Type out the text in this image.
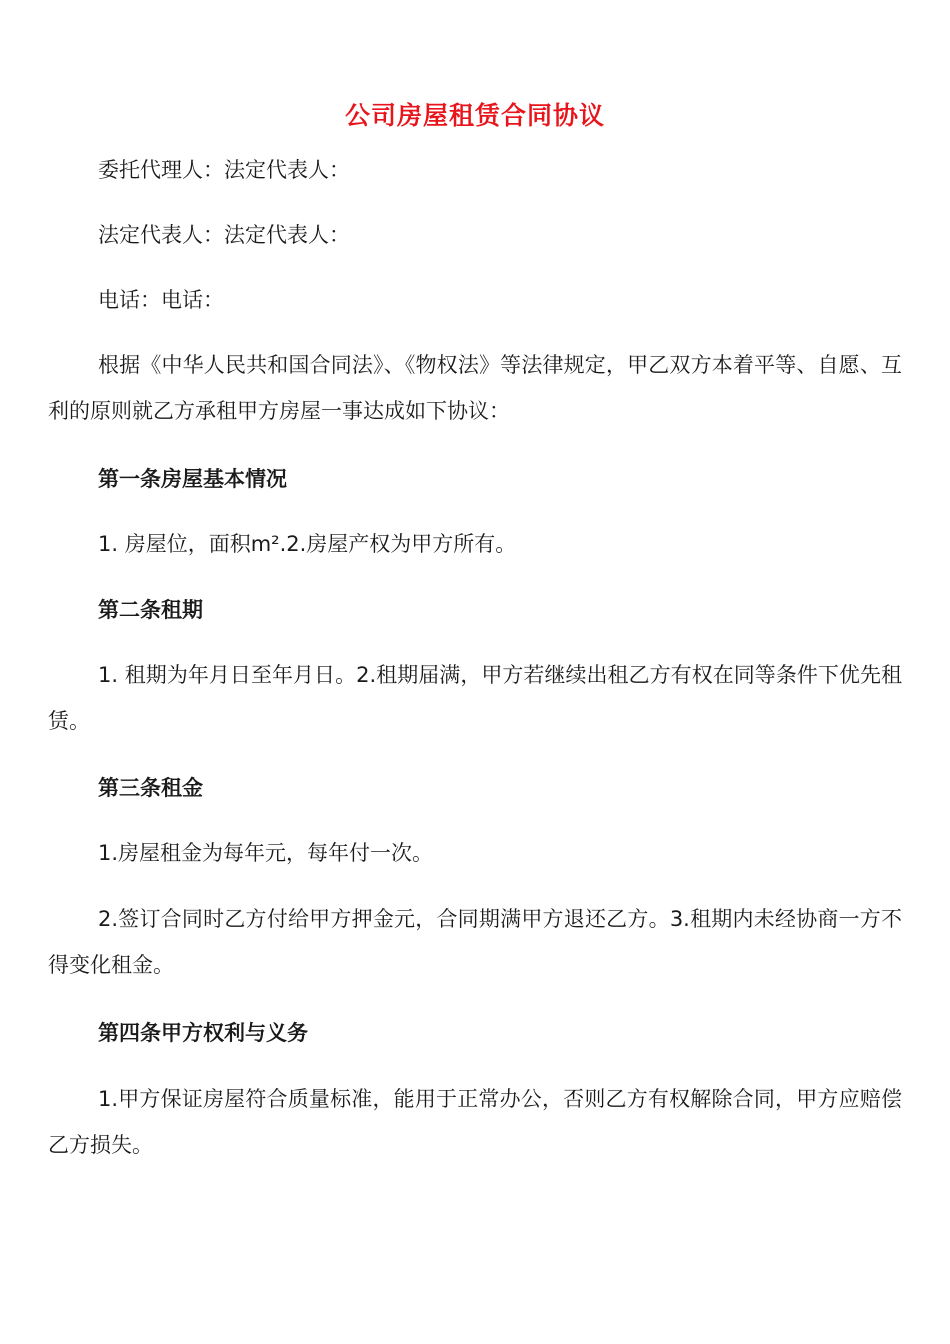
公司房屋租赁合同协议
委托代理人：法定代表人：
法定代表人：法定代表人：
电话：电话：
根据《中华人民共和国合同法》、《物权法》等法律规定，甲乙双方本着平等、自愿、互利的原则就乙方承租甲方房屋一事达成如下协议：
第一条房屋基本情况
1. 房屋位，面积m².2.房屋产权为甲方所有。
第二条租期
1. 租期为年月日至年月日。2.租期届满，甲方若继续出租乙方有权在同等条件下优先租赁。
第三条租金
1.房屋租金为每年元，每年付一次。
2.签订合同时乙方付给甲方押金元，合同期满甲方退还乙方。3.租期内未经协商一方不得变化租金。
第四条甲方权利与义务
1.甲方保证房屋符合质量标准，能用于正常办公，否则乙方有权解除合同，甲方应赔偿乙方损失。
